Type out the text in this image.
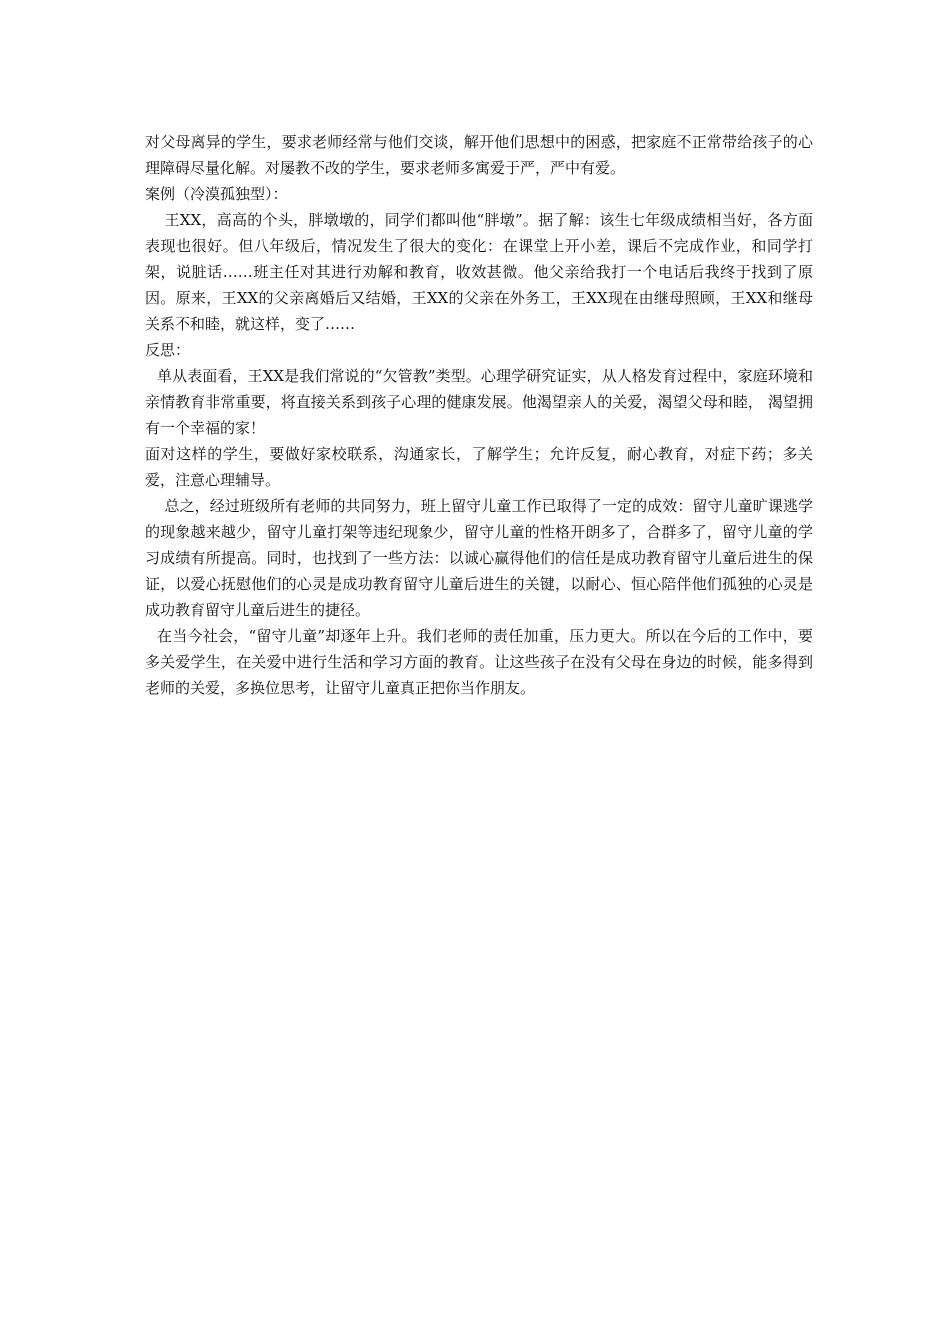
对父母离异的学生，要求老师经常与他们交谈，解开他们思想中的困惑，把家庭不正常带给孩子的心理障碍尽量化解。对屡教不改的学生，要求老师多寓爱于严，严中有爱。

案例（冷漠孤独型）：

王XX，高高的个头，胖墩墩的，同学们都叫他“胖墩”。据了解：该生七年级成绩相当好，各方面表现也很好。但八年级后，情况发生了很大的变化：在课堂上开小差，课后不完成作业，和同学打架，说脏话……班主任对其进行劝解和教育，收效甚微。他父亲给我打一个电话后我终于找到了原因。原来，王XX的父亲离婚后又结婚，王XX的父亲在外务工，王XX现在由继母照顾，王XX和继母关系不和睦，就这样，变了……

反思：

单从表面看，王XX是我们常说的“欠管教”类型。心理学研究证实，从人格发育过程中，家庭环境和亲情教育非常重要，将直接关系到孩子心理的健康发展。他渴望亲人的关爱，渴望父母和睦， 渴望拥有一个幸福的家！

面对这样的学生，要做好家校联系，沟通家长，了解学生；允许反复，耐心教育，对症下药；多关爱，注意心理辅导。

总之，经过班级所有老师的共同努力，班上留守儿童工作已取得了一定的成效：留守儿童旷课逃学的现象越来越少，留守儿童打架等违纪现象少，留守儿童的性格开朗多了，合群多了，留守儿童的学习成绩有所提高。同时，也找到了一些方法：以诚心赢得他们的信任是成功教育留守儿童后进生的保证，以爱心抚慰他们的心灵是成功教育留守儿童后进生的关键，以耐心、恒心陪伴他们孤独的心灵是成功教育留守儿童后进生的捷径。

在当今社会，“留守儿童”却逐年上升。我们老师的责任加重，压力更大。所以在今后的工作中，要多关爱学生，在关爱中进行生活和学习方面的教育。让这些孩子在没有父母在身边的时候，能多得到老师的关爱，多换位思考，让留守儿童真正把你当作朋友。
